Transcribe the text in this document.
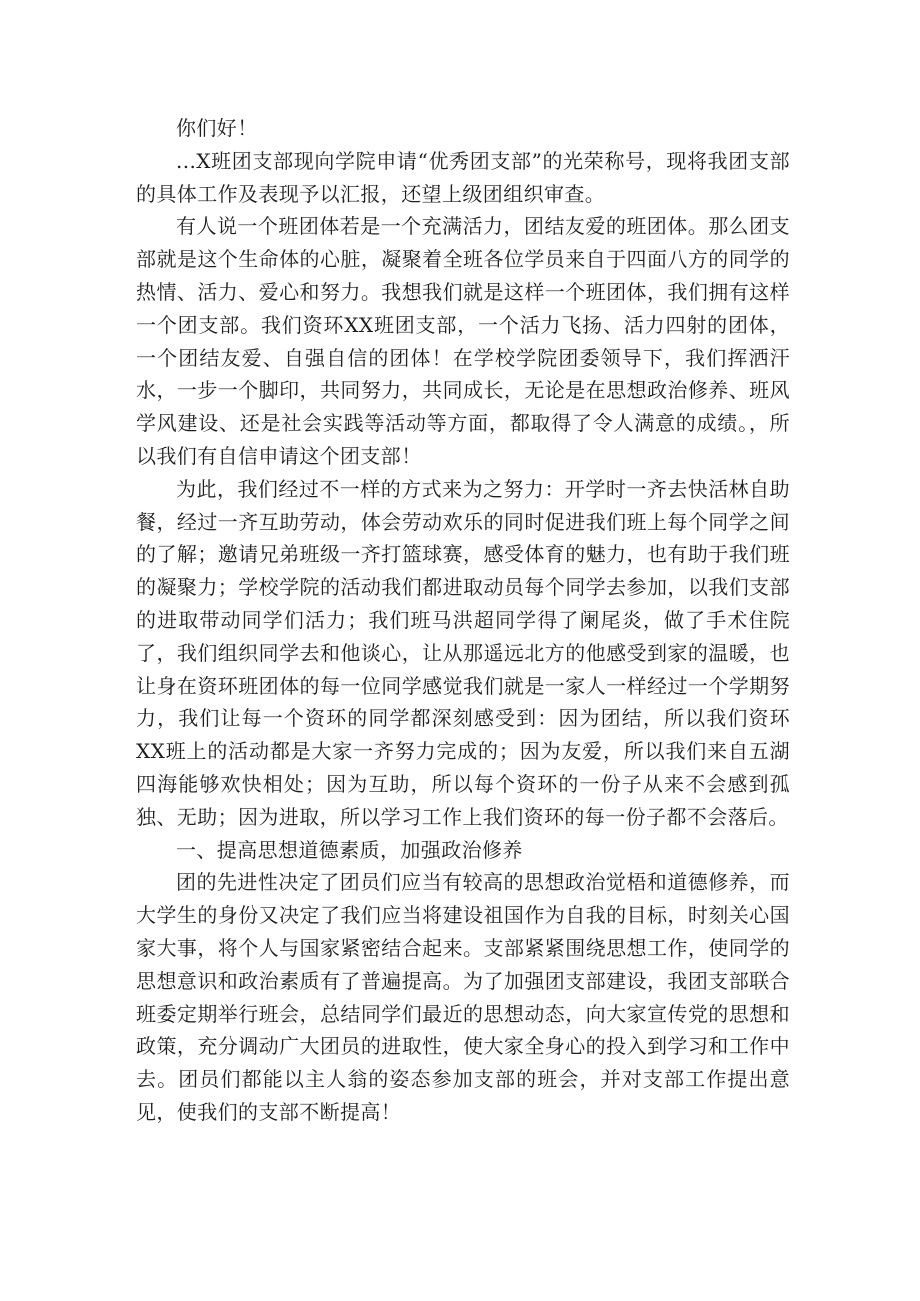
你们好！

...X班团支部现向学院申请“优秀团支部”的光荣称号，现将我团支部的具体工作及表现予以汇报，还望上级团组织审查。

有人说一个班团体若是一个充满活力，团结友爱的班团体。那么团支部就是这个生命体的心脏，凝聚着全班各位学员来自于四面八方的同学的热情、活力、爱心和努力。我想我们就是这样一个班团体，我们拥有这样一个团支部。我们资环XX班团支部，一个活力飞扬、活力四射的团体，一个团结友爱、自强自信的团体！在学校学院团委领导下，我们挥洒汗水，一步一个脚印，共同努力，共同成长，无论是在思想政治修养、班风学风建设、还是社会实践等活动等方面，都取得了令人满意的成绩。，所以我们有自信申请这个团支部！

为此，我们经过不一样的方式来为之努力：开学时一齐去快活林自助餐，经过一齐互助劳动，体会劳动欢乐的同时促进我们班上每个同学之间的了解；邀请兄弟班级一齐打篮球赛，感受体育的魅力，也有助于我们班的凝聚力；学校学院的活动我们都进取动员每个同学去参加，以我们支部的进取带动同学们活力；我们班马洪超同学得了阑尾炎，做了手术住院了，我们组织同学去和他谈心，让从那遥远北方的他感受到家的温暖，也让身在资环班团体的每一位同学感觉我们就是一家人一样经过一个学期努力，我们让每一个资环的同学都深刻感受到：因为团结，所以我们资环XX班上的活动都是大家一齐努力完成的；因为友爱，所以我们来自五湖四海能够欢快相处；因为互助，所以每个资环的一份子从来不会感到孤独、无助；因为进取，所以学习工作上我们资环的每一份子都不会落后。

一、提高思想道德素质，加强政治修养

团的先进性决定了团员们应当有较高的思想政治觉梧和道德修养，而大学生的身份又决定了我们应当将建设祖国作为自我的目标，时刻关心国家大事，将个人与国家紧密结合起来。支部紧紧围绕思想工作，使同学的思想意识和政治素质有了普遍提高。为了加强团支部建设，我团支部联合班委定期举行班会，总结同学们最近的思想动态，向大家宣传党的思想和政策，充分调动广大团员的进取性，使大家全身心的投入到学习和工作中去。团员们都能以主人翁的姿态参加支部的班会，并对支部工作提出意见，使我们的支部不断提高！
